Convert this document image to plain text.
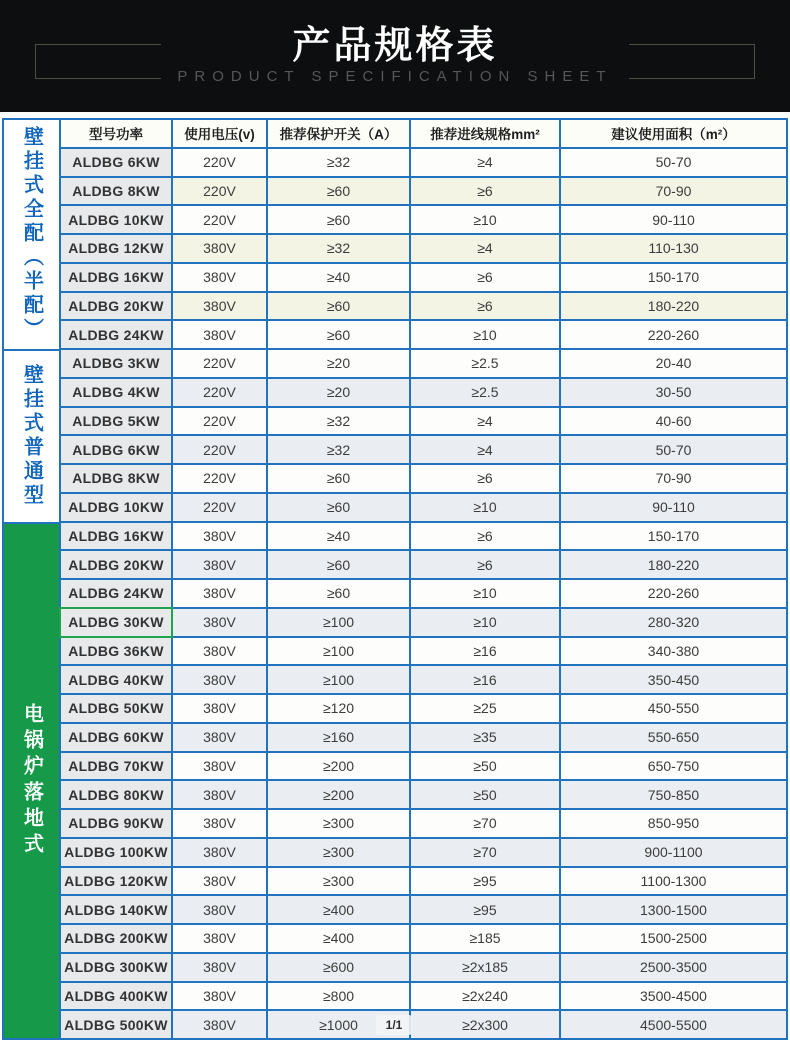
产品规格表
PRODUCT SPECIFICATION SHEET
壁挂式全配（半配）
壁挂式普通型
电锅炉落地式
型号功率	使用电压(v)	推荐保护开关（A）	推荐进线规格mm²	建议使用面积（m²）
ALDBG 6KW	220V	≥32	≥4	50-70
ALDBG 8KW	220V	≥60	≥6	70-90
ALDBG 10KW	220V	≥60	≥10	90-110
ALDBG 12KW	380V	≥32	≥4	110-130
ALDBG 16KW	380V	≥40	≥6	150-170
ALDBG 20KW	380V	≥60	≥6	180-220
ALDBG 24KW	380V	≥60	≥10	220-260
ALDBG 3KW	220V	≥20	≥2.5	20-40
ALDBG 4KW	220V	≥20	≥2.5	30-50
ALDBG 5KW	220V	≥32	≥4	40-60
ALDBG 6KW	220V	≥32	≥4	50-70
ALDBG 8KW	220V	≥60	≥6	70-90
ALDBG 10KW	220V	≥60	≥10	90-110
ALDBG 16KW	380V	≥40	≥6	150-170
ALDBG 20KW	380V	≥60	≥6	180-220
ALDBG 24KW	380V	≥60	≥10	220-260
ALDBG 30KW	380V	≥100	≥10	280-320
ALDBG 36KW	380V	≥100	≥16	340-380
ALDBG 40KW	380V	≥100	≥16	350-450
ALDBG 50KW	380V	≥120	≥25	450-550
ALDBG 60KW	380V	≥160	≥35	550-650
ALDBG 70KW	380V	≥200	≥50	650-750
ALDBG 80KW	380V	≥200	≥50	750-850
ALDBG 90KW	380V	≥300	≥70	850-950
ALDBG 100KW	380V	≥300	≥70	900-1100
ALDBG 120KW	380V	≥300	≥95	1100-1300
ALDBG 140KW	380V	≥400	≥95	1300-1500
ALDBG 200KW	380V	≥400	≥185	1500-2500
ALDBG 300KW	380V	≥600	≥2x185	2500-3500
ALDBG 400KW	380V	≥800	≥2x240	3500-4500
ALDBG 500KW	380V	≥1000	≥2x300	4500-5500
1/1
